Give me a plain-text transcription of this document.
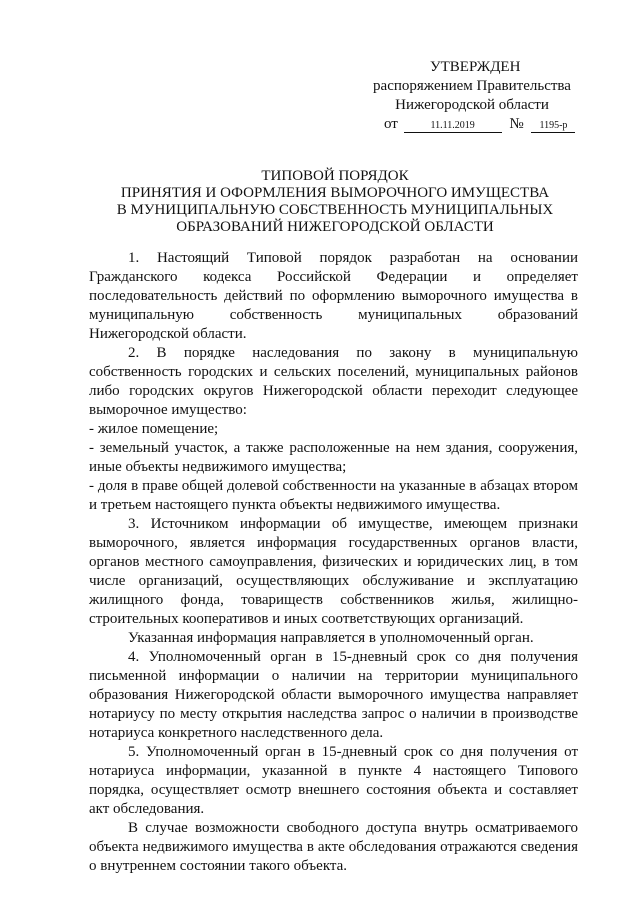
УТВЕРЖДЕН
распоряжением Правительства
Нижегородской области
от	11.11.2019 № 1195-р
ТИПОВОЙ ПОРЯДОК
ПРИНЯТИЯ И ОФОРМЛЕНИЯ ВЫМОРОЧНОГО ИМУЩЕСТВА
В МУНИЦИПАЛЬНУЮ СОБСТВЕННОСТЬ МУНИЦИПАЛЬНЫХ
ОБРАЗОВАНИЙ НИЖЕГОРОДСКОЙ ОБЛАСТИ

1. Настоящий Типовой порядок разработан на основании Гражданского кодекса Российской Федерации и определяет последовательность действий по оформлению выморочного имущества в муниципальную собственность муниципальных образований Нижегородской области.

2. В порядке наследования по закону в муниципальную собственность городских и сельских поселений, муниципальных районов либо городских округов Нижегородской области переходит следующее выморочное имущество:

- жилое помещение;

- земельный участок, а также расположенные на нем здания, сооружения, иные объекты недвижимого имущества;

- доля в праве общей долевой собственности на указанные в абзацах втором и третьем настоящего пункта объекты недвижимого имущества.

3. Источником информации об имуществе, имеющем признаки выморочного, является информация государственных органов власти, органов местного самоуправления, физических и юридических лиц, в том числе организаций, осуществляющих обслуживание и эксплуатацию жилищного фонда, товариществ собственников жилья, жилищно-строительных кооперативов и иных соответствующих организаций.

Указанная информация направляется в уполномоченный орган.

4. Уполномоченный орган в 15-дневный срок со дня получения письменной информации о наличии на территории муниципального образования Нижегородской области выморочного имущества направляет нотариусу по месту открытия наследства запрос о наличии в производстве нотариуса конкретного наследственного дела.

5. Уполномоченный орган в 15-дневный срок со дня получения от нотариуса информации, указанной в пункте 4 настоящего Типового порядка, осуществляет осмотр внешнего состояния объекта и составляет акт обследования.

В случае возможности свободного доступа внутрь осматриваемого объекта недвижимого имущества в акте обследования отражаются сведения о внутреннем состоянии такого объекта.
